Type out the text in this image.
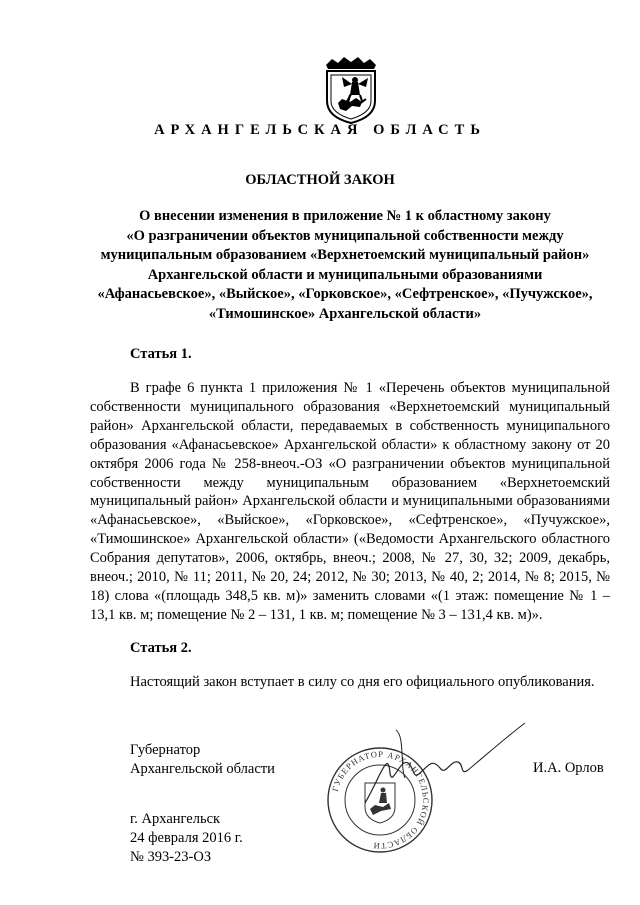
АРХАНГЕЛЬСКАЯ ОБЛАСТЬ
ОБЛАСТНОЙ ЗАКОН
О внесении изменения в приложение № 1 к областному закону
«О разграничении объектов муниципальной собственности между
муниципальным образованием «Верхнетоемский муниципальный район»
Архангельской области и муниципальными образованиями
«Афанасьевское», «Выйское», «Горковское», «Сефтренское», «Пучужское»,
«Тимошинское» Архангельской области»
Статья 1.

В графе 6 пункта 1 приложения № 1 «Перечень объектов муниципальной собственности муниципального образования «Верхнетоемский муниципальный район» Архангельской области, передаваемых в собственность муниципального образования «Афанасьевское» Архангельской области» к областному закону от 20 октября 2006 года № 258-внеоч.-ОЗ «О разграничении объектов муниципальной собственности между муниципальным образованием «Верхнетоемский муниципальный район» Архангельской области и муниципальными образованиями «Афанасьевское», «Выйское», «Горковское», «Сефтренское», «Пучужское», «Тимошинское» Архангельской области» («Ведомости Архангельского областного Собрания депутатов», 2006, октябрь, внеоч.; 2008, № 27, 30, 32; 2009, декабрь, внеоч.; 2010, № 11; 2011, № 20, 24; 2012, № 30; 2013, № 40, 2; 2014, № 8; 2015, № 18) слова «(площадь 348,5 кв. м)» заменить словами «(1 этаж: помещение № 1 – 13,1 кв. м; помещение № 2 – 131, 1 кв. м; помещение № 3 – 131,4 кв. м)».

Статья 2.

Настоящий закон вступает в силу со дня его официального опубликования.

ГУБЕРНАТОР АРХАНГЕЛЬСКОЙ ОБЛАСТИ
Губернатор
Архангельской области	И.А. Орлов
г. Архангельск
24 февраля 2016 г.
№ 393-23-ОЗ
